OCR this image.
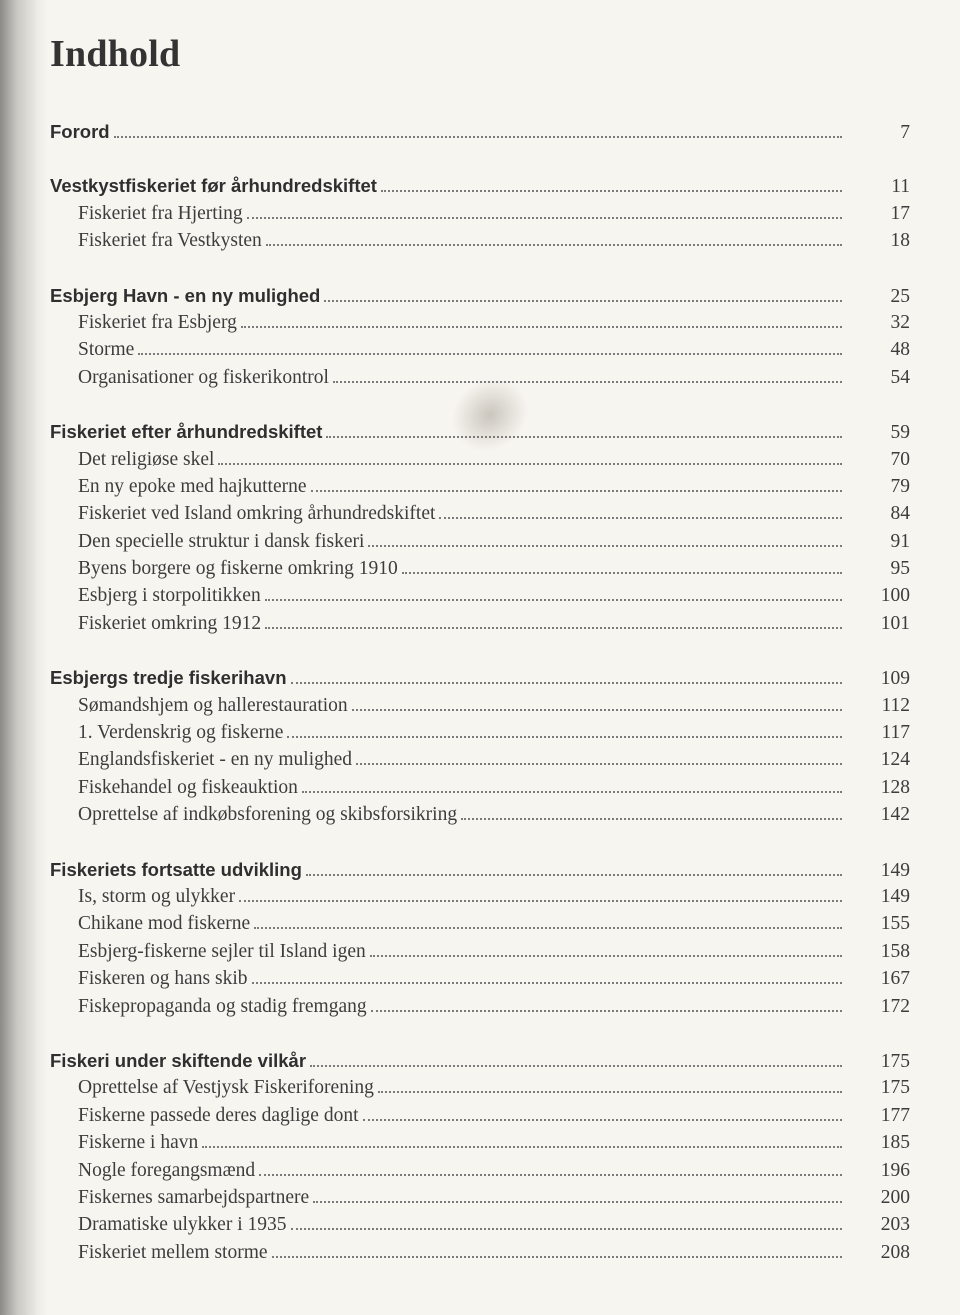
Indhold
Forord	7
Vestkystfiskeriet før århundredskiftet	11
Fiskeriet fra Hjerting	17
Fiskeriet fra Vestkysten	18
Esbjerg Havn - en ny mulighed	25
Fiskeriet fra Esbjerg	32
Storme	48
Organisationer og fiskerikontrol	54
Fiskeriet efter århundredskiftet	59
Det religiøse skel	70
En ny epoke med hajkutterne	79
Fiskeriet ved Island omkring århundredskiftet	84
Den specielle struktur i dansk fiskeri	91
Byens borgere og fiskerne omkring 1910	95
Esbjerg i storpolitikken	100
Fiskeriet omkring 1912	101
Esbjergs tredje fiskerihavn	109
Sømandshjem og hallerestauration	112
1. Verdenskrig og fiskerne	117
Englandsfiskeriet - en ny mulighed	124
Fiskehandel og fiskeauktion	128
Oprettelse af indkøbsforening og skibsforsikring	142
Fiskeriets fortsatte udvikling	149
Is, storm og ulykker	149
Chikane mod fiskerne	155
Esbjerg-fiskerne sejler til Island igen	158
Fiskeren og hans skib	167
Fiskepropaganda og stadig fremgang	172
Fiskeri under skiftende vilkår	175
Oprettelse af Vestjysk Fiskeriforening	175
Fiskerne passede deres daglige dont	177
Fiskerne i havn	185
Nogle foregangsmænd	196
Fiskernes samarbejdspartnere	200
Dramatiske ulykker i 1935	203
Fiskeriet mellem storme	208
